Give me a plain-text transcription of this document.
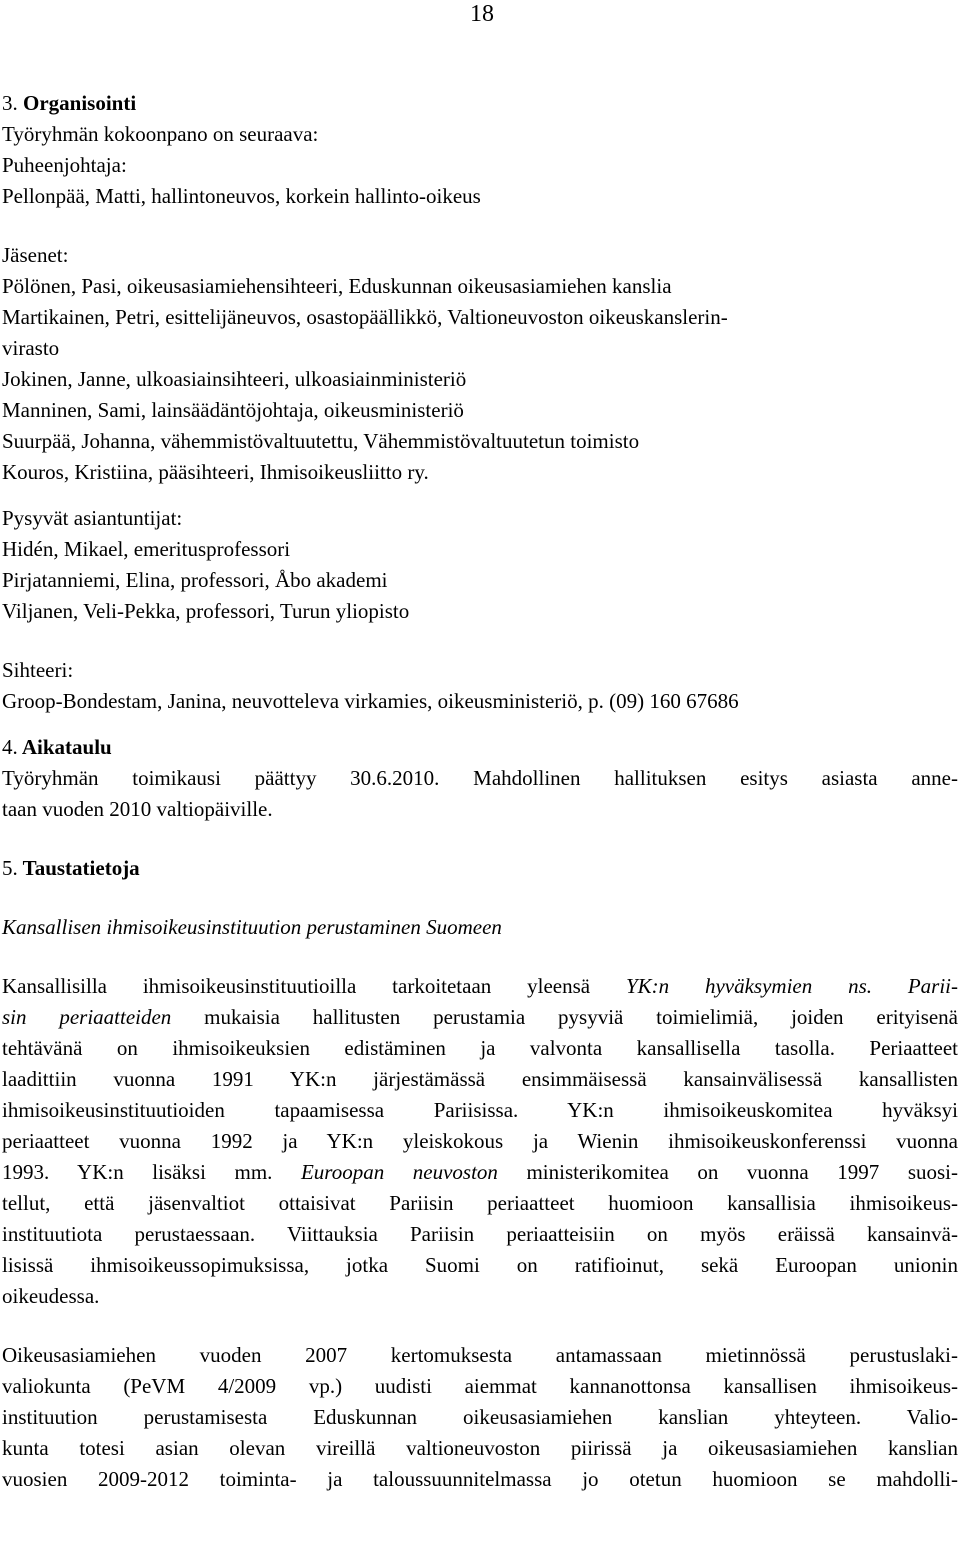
18
3. Organisointi
Työryhmän kokoonpano on seuraava:
Puheenjohtaja:
Pellonpää, Matti, hallintoneuvos, korkein hallinto-oikeus
Jäsenet:
Pölönen, Pasi, oikeusasiamiehensihteeri, Eduskunnan oikeusasiamiehen kanslia
Martikainen, Petri, esittelijäneuvos, osastopäällikkö, Valtioneuvoston oikeuskanslerin-
virasto
Jokinen, Janne, ulkoasiainsihteeri, ulkoasiainministeriö
Manninen, Sami, lainsäädäntöjohtaja, oikeusministeriö
Suurpää, Johanna, vähemmistövaltuutettu, Vähemmistövaltuutetun toimisto
Kouros, Kristiina, pääsihteeri, Ihmisoikeusliitto ry.
Pysyvät asiantuntijat:
Hidén, Mikael, emeritusprofessori
Pirjatanniemi, Elina, professori, Åbo akademi
Viljanen, Veli-Pekka, professori, Turun yliopisto
Sihteeri:
Groop-Bondestam, Janina, neuvotteleva virkamies, oikeusministeriö, p. (09) 160 67686
4. Aikataulu
Työryhmän toimikausi päättyy 30.6.2010. Mahdollinen hallituksen esitys asiasta anne-
taan vuoden 2010 valtiopäiville.
5. Taustatietoja
Kansallisen ihmisoikeusinstituution perustaminen Suomeen
Kansallisilla ihmisoikeusinstituutioilla tarkoitetaan yleensä YK:n hyväksymien ns. Parii-
sin periaatteiden mukaisia hallitusten perustamia pysyviä toimielimiä, joiden erityisenä
tehtävänä on ihmisoikeuksien edistäminen ja valvonta kansallisella tasolla. Periaatteet
laadittiin vuonna 1991 YK:n järjestämässä ensimmäisessä kansainvälisessä kansallisten
ihmisoikeusinstituutioiden tapaamisessa Pariisissa. YK:n ihmisoikeuskomitea hyväksyi
periaatteet vuonna 1992 ja YK:n yleiskokous ja Wienin ihmisoikeuskonferenssi vuonna
1993. YK:n lisäksi mm. Euroopan neuvoston ministerikomitea on vuonna 1997 suosi-
tellut, että jäsenvaltiot ottaisivat Pariisin periaatteet huomioon kansallisia ihmisoikeus-
instituutiota perustaessaan. Viittauksia Pariisin periaatteisiin on myös eräissä kansainvä-
lisissä ihmisoikeussopimuksissa, jotka Suomi on ratifioinut, sekä Euroopan unionin
oikeudessa.
Oikeusasiamiehen vuoden 2007 kertomuksesta antamassaan mietinnössä perustuslaki-
valiokunta (PeVM 4/2009 vp.) uudisti aiemmat kannanottonsa kansallisen ihmisoikeus-
instituution perustamisesta Eduskunnan oikeusasiamiehen kanslian yhteyteen. Valio-
kunta totesi asian olevan vireillä valtioneuvoston piirissä ja oikeusasiamiehen kanslian
vuosien 2009-2012 toiminta- ja taloussuunnitelmassa jo otetun huomioon se mahdolli-
